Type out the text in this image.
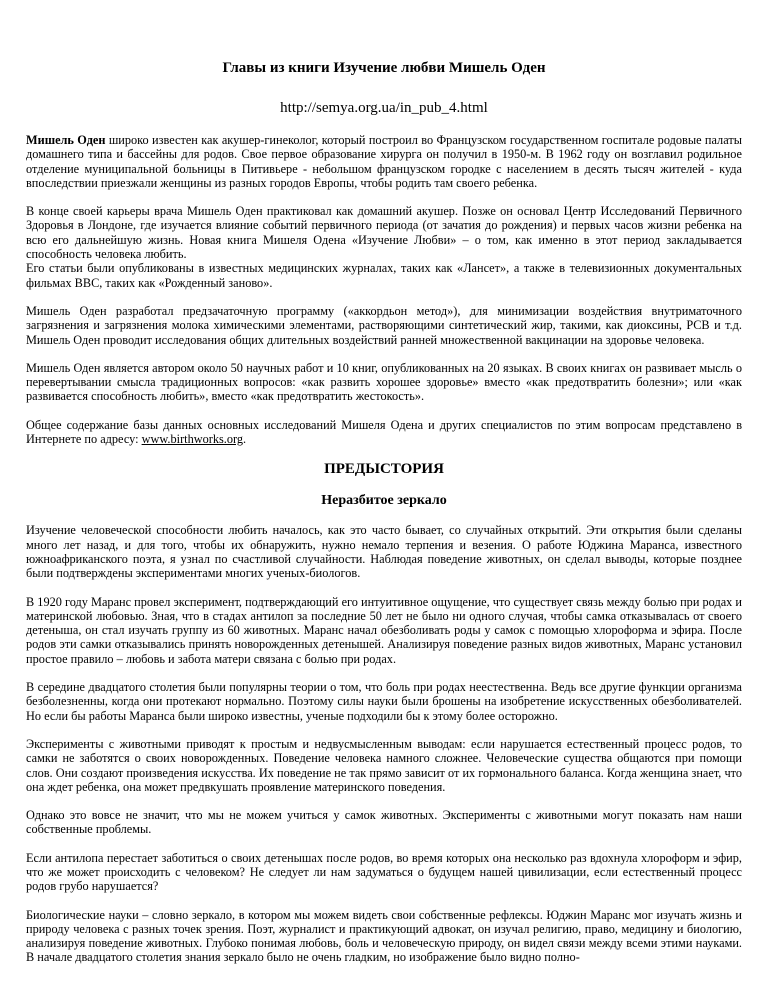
Главы из книги Изучение любви Мишель Оден
http://semya.org.ua/in_pub_4.html

Мишель Оден широко известен как акушер-гинеколог, который построил во Французском государственном госпитале родовые палаты домашнего типа и бассейны для родов. Свое первое образование хирурга он получил в 1950-м. В 1962 году он возглавил родильное отделение муниципальной больницы в Питивьере - небольшом французском городке с населением в десять тысяч жителей - куда впоследствии приезжали женщины из разных городов Европы, чтобы родить там своего ребенка.

В конце своей карьеры врача Мишель Оден практиковал как домашний акушер. Позже он основал Центр Исследований Первичного Здоровья в Лондоне, где изучается влияние событий первичного периода (от зачатия до рождения) и первых часов жизни ребенка на всю его дальнейшую жизнь. Новая книга Мишеля Одена «Изучение Любви» – о том, как именно в этот период закладывается способность человека любить.
Его статьи были опубликованы в известных медицинских журналах, таких как «Лансет», а также в телевизионных документальных фильмах BBC, таких как «Рожденный заново».

Мишель Оден разработал предзачаточную программу («аккордьон метод»), для минимизации воздействия внутриматочного загрязнения и загрязнения молока химическими элементами, растворяющими синтетический жир, такими, как диоксины, PCB и т.д. Мишель Оден проводит исследования общих длительных воздействий ранней множественной вакцинации на здоровье человека.

Мишель Оден является автором около 50 научных работ и 10 книг, опубликованных на 20 языках. В своих книгах он развивает мысль о перевертывании смысла традиционных вопросов: «как развить хорошее здоровье» вместо «как предотвратить болезни»; или «как развивается способность любить», вместо «как предотвратить жестокость».

Общее содержание базы данных основных исследований Мишеля Одена и других специалистов по этим вопросам представлено в Интернете по адресу: www.birthworks.org.

ПРЕДЫСТОРИЯ
Неразбитое зеркало

Изучение человеческой способности любить началось, как это часто бывает, со случайных открытий. Эти открытия были сделаны много лет назад, и для того, чтобы их обнаружить, нужно немало терпения и везения. О работе Юджина Мaранса, известного южноафриканского поэта, я узнал по счастливой случайности. Наблюдая поведение животных, он сделал выводы, которые позднее были подтверждены экспериментами многих ученых-биологов.

В 1920 году Маранс провел эксперимент, подтверждающий его интуитивное ощущение, что существует связь между болью при родах и материнской любовью. Зная, что в стадах антилоп за последние 50 лет не было ни одного случая, чтобы самка отказывалась от своего детеныша, он стал изучать группу из 60 животных. Маранс начал обезболивать роды у самок с помощью хлороформа и эфира. После родов эти самки отказывались принять новорожденных детенышей. Анализируя поведение разных видов животных, Маранс установил простое правило – любовь и забота матери связана с болью при родах.

В середине двадцатого столетия были популярны теории о том, что боль при родах неестественна. Ведь все другие функции организма безболезненны, когда они протекают нормально. Поэтому силы науки были брошены на изобретение искусственных обезболивателей. Но если бы работы Маранса были широко известны, ученые подходили бы к этому более осторожно.

Эксперименты с животными приводят к простым и недвусмысленным выводам: если нарушается естественный процесс родов, то самки не заботятся о своих новорожденных. Поведение человека намного сложнее. Человеческие существа общаются при помощи слов. Они создают произведения искусства. Их поведение не так прямо зависит от их гормонального баланса. Когда женщина знает, что она ждет ребенка, она может предвкушать проявление материнского поведения.

Однако это вовсе не значит, что мы не можем учиться у самок животных. Эксперименты с животными могут показать нам наши собственные проблемы.

Если антилопа перестает заботиться о своих детенышах после родов, во время которых она несколько раз вдохнула хлороформ и эфир, что же может происходить с человеком? Не следует ли нам задуматься о будущем нашей цивилизации, если естественный процесс родов грубо нарушается?

Биологические науки – словно зеркало, в котором мы можем видеть свои собственные рефлексы. Юджин Маранс мог изучать жизнь и природу человека с разных точек зрения. Поэт, журналист и практикующий адвокат, он изучал религию, право, медицину и биологию, анализируя поведение животных. Глубоко понимая любовь, боль и человеческую природу, он видел связи между всеми этими науками. В начале двадцатого столетия знания зеркало было не очень гладким, но изображение было видно полно-
